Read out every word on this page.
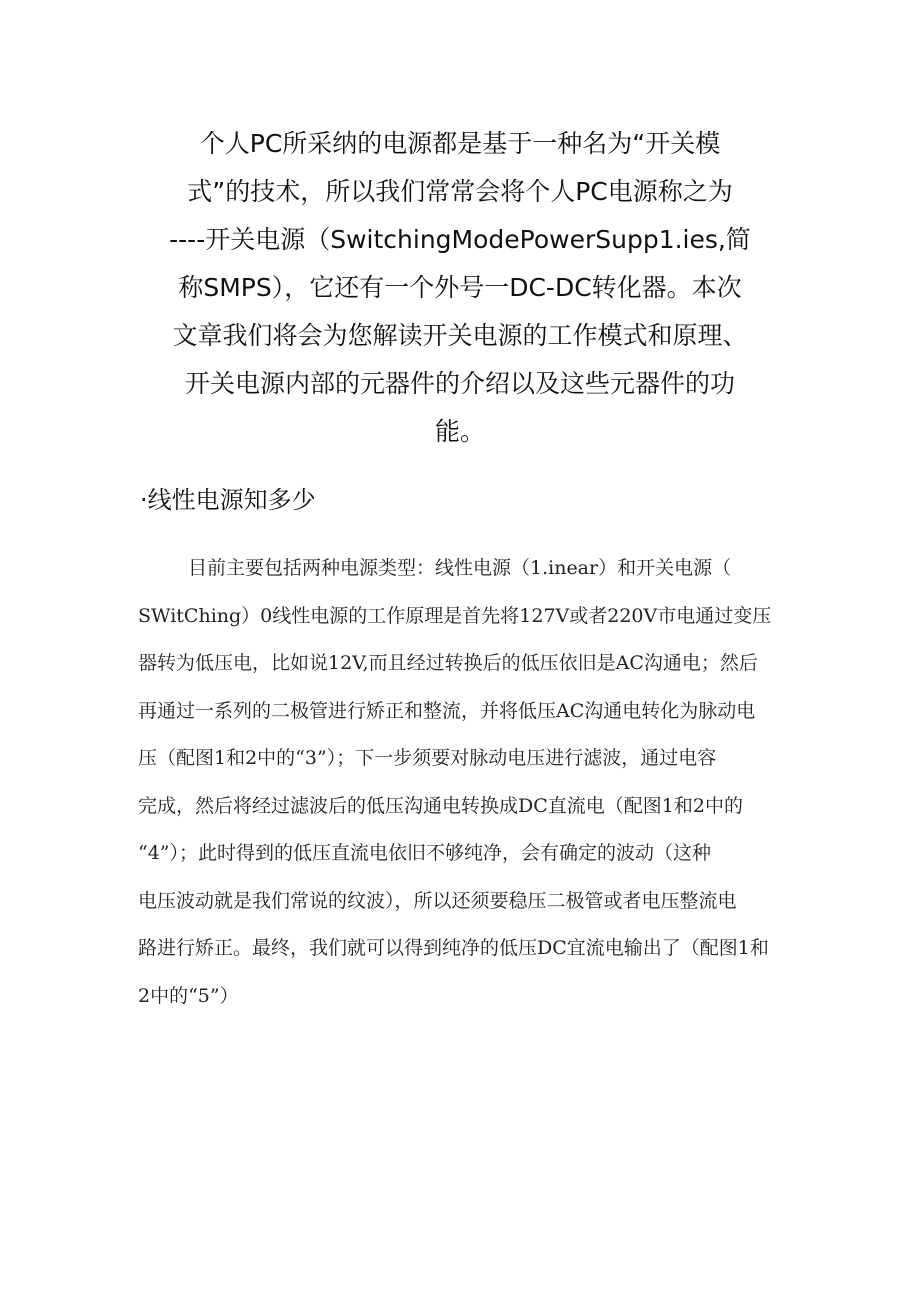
个人PC所采纳的电源都是基于一种名为“开关模
式”的技术，所以我们常常会将个人PC电源称之为
----开关电源（SwitchingModePowerSupp1.ies,简
称SMPS），它还有一个外号一DC-DC转化器。本次
文章我们将会为您解读开关电源的工作模式和原理、
开关电源内部的元器件的介绍以及这些元器件的功
能。

·线性电源知多少

目前主要包括两种电源类型：线性电源（1.inear）和开关电源（
SWitChing）0线性电源的工作原理是首先将127V或者220V市电通过变压
器转为低压电，比如说12V,而且经过转换后的低压依旧是AC沟通电；然后
再通过一系列的二极管进行矫正和整流，并将低压AC沟通电转化为脉动电
压（配图1和2中的“3”）；下一步须要对脉动电压进行滤波，通过电容
完成，然后将经过滤波后的低压沟通电转换成DC直流电（配图1和2中的
“4”）；此时得到的低压直流电依旧不够纯净，会有确定的波动（这种
电压波动就是我们常说的纹波），所以还须要稳压二极管或者电压整流电
路进行矫正。最终，我们就可以得到纯净的低压DC宜流电输出了（配图1和
2中的“5”）
